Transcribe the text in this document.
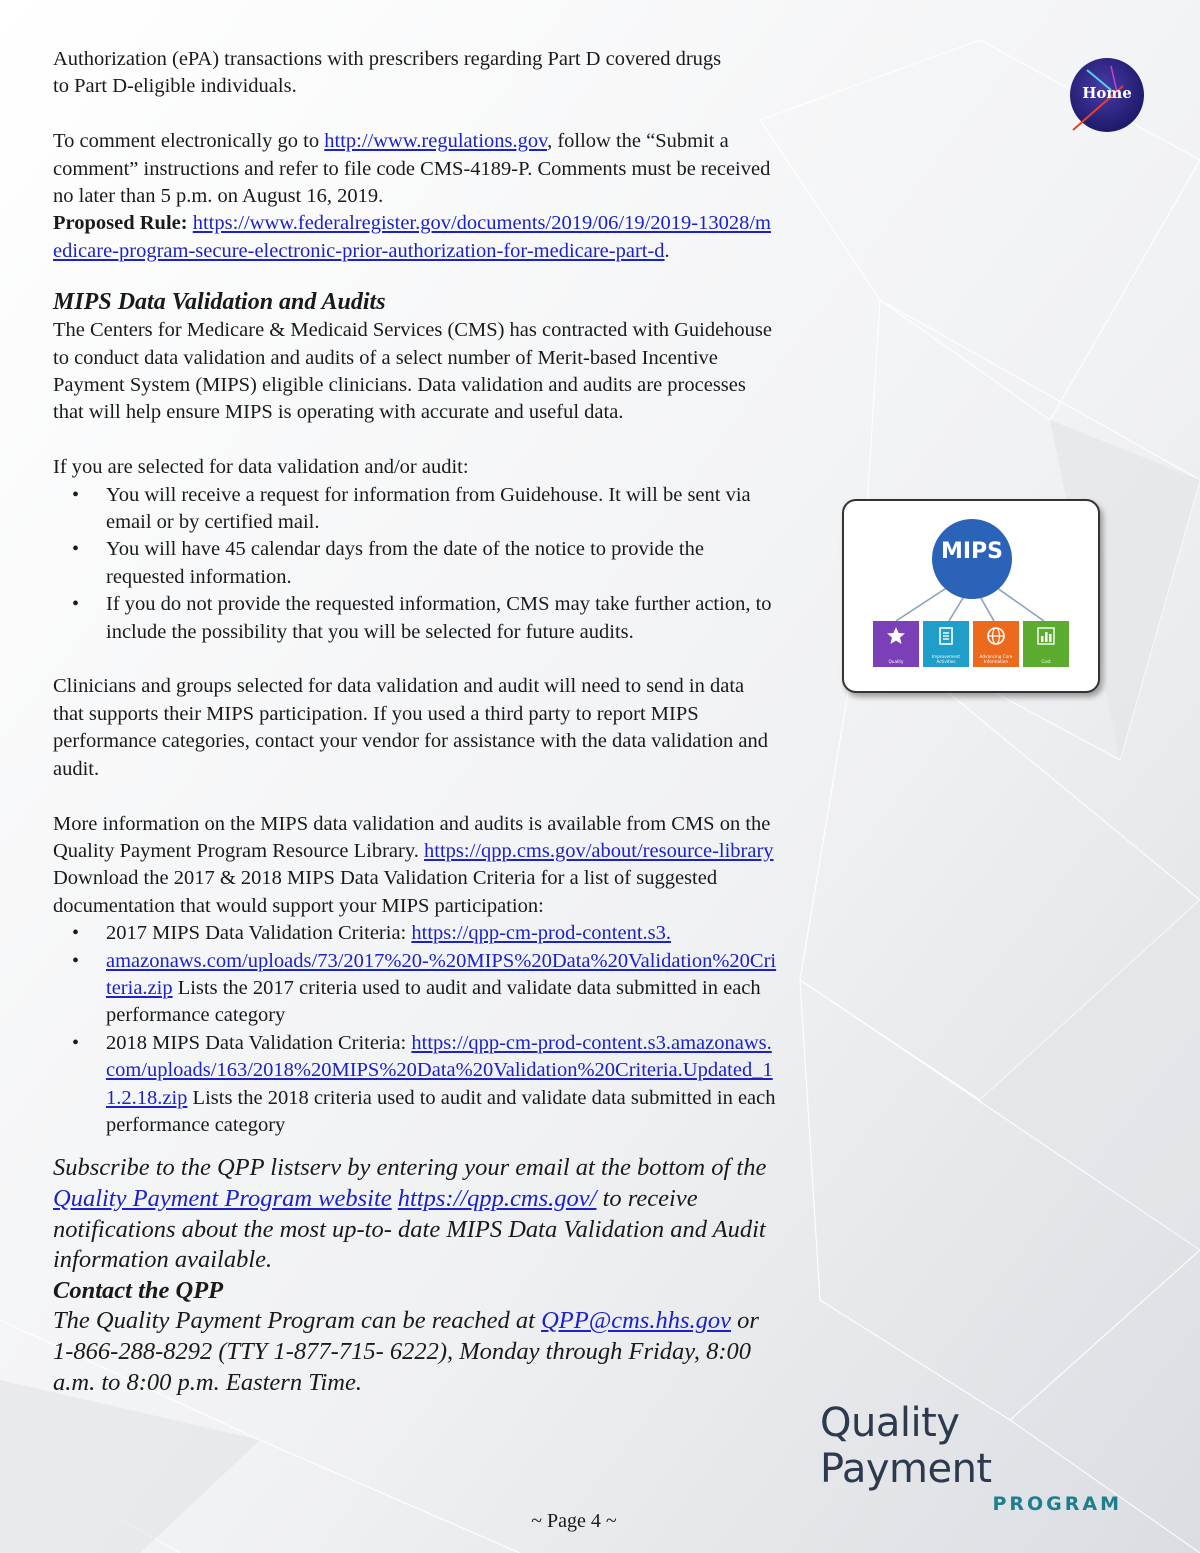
Authorization (ePA) transactions with prescribers regarding Part D covered drugs

to Part D-eligible individuals.

To comment electronically go to http://www.regulations.gov, follow the “Submit a comment” instructions and refer to file code CMS-4189-P. Comments must be received no later than 5 p.m. on August 16, 2019.

Proposed Rule: https://www.federalregister.gov/documents/2019/06/19/2019-13028/medicare-program-secure-electronic-prior-authorization-for-medicare-part-d.

MIPS Data Validation and Audits

The Centers for Medicare & Medicaid Services (CMS) has contracted with Guidehouse to conduct data validation and audits of a select number of Merit-based Incentive Payment System (MIPS) eligible clinicians. Data validation and audits are processes that will help ensure MIPS is operating with accurate and useful data.

If you are selected for data validation and/or audit:

• You will receive a request for information from Guidehouse. It will be sent via email or by certified mail.
• You will have 45 calendar days from the date of the notice to provide the requested information.
• If you do not provide the requested information, CMS may take further action, to include the possibility that you will be selected for future audits.

Clinicians and groups selected for data validation and audit will need to send in data that supports their MIPS participation. If you used a third party to report MIPS performance categories, contact your vendor for assistance with the data validation and audit.

More information on the MIPS data validation and audits is available from CMS on the Quality Payment Program Resource Library. https://qpp.cms.gov/about/resource-library

Download the 2017 & 2018 MIPS Data Validation Criteria for a list of suggested documentation that would support your MIPS participation:

• 2017 MIPS Data Validation Criteria: https://qpp-cm-prod-content.s3.
• amazonaws.com/uploads/73/2017%20-%20MIPS%20Data%20Validation%20Criteria.zip Lists the 2017 criteria used to audit and validate data submitted in each performance category
• 2018 MIPS Data Validation Criteria: https://qpp-cm-prod-content.s3.amazonaws.com/uploads/163/2018%20MIPS%20Data%20Validation%20Criteria.Updated_11.2.18.zip Lists the 2018 criteria used to audit and validate data submitted in each performance category

Subscribe to the QPP listserv by entering your email at the bottom of the Quality Payment Program website https://qpp.cms.gov/ to receive notifications about the most up-to- date MIPS Data Validation and Audit information available.

Contact the QPP

The Quality Payment Program can be reached at QPP@cms.hhs.gov or 1-866-288-8292 (TTY 1-877-715- 6222), Monday through Friday, 8:00 a.m. to 8:00 p.m. Eastern Time.

Home
MIPS
Quality
Improvement Activities
Advancing Care Information	Cost
Quality Payment
PROGRAM
~ Page 4 ~
